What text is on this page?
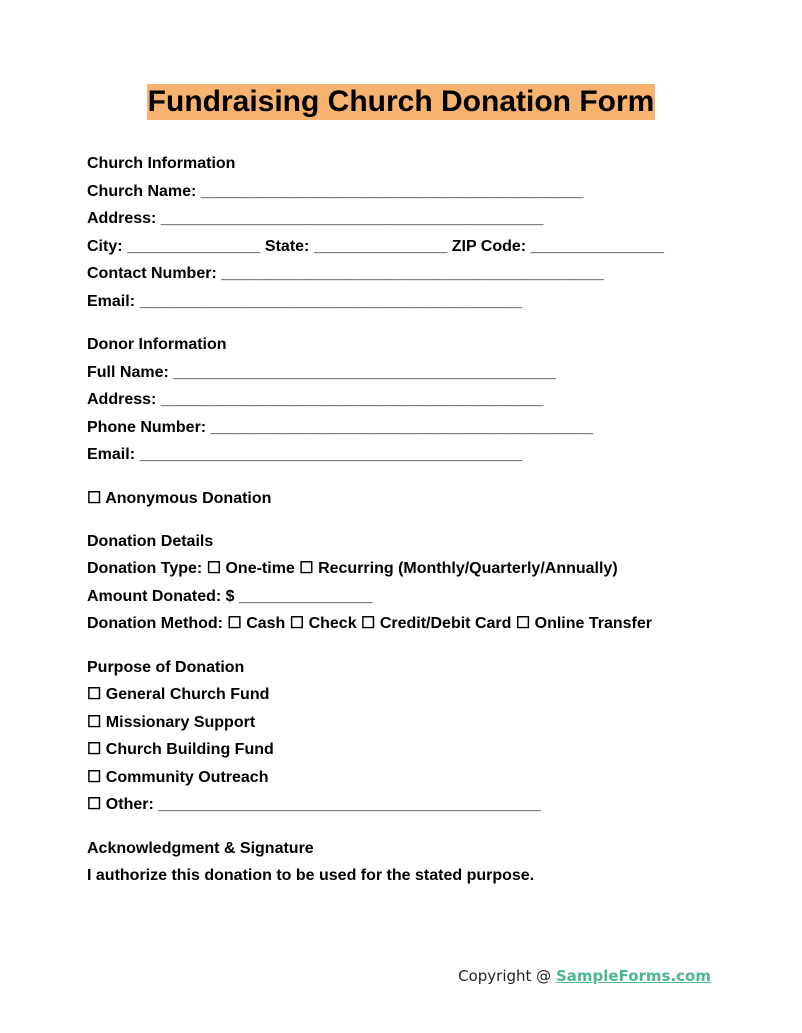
Fundraising Church Donation Form
Church Information
Church Name: ___________________________________________
Address: ___________________________________________
City: _______________ State: _______________ ZIP Code: _______________
Contact Number: ___________________________________________
Email: ___________________________________________
Donor Information
Full Name: ___________________________________________
Address: ___________________________________________
Phone Number: ___________________________________________
Email: ___________________________________________
☐ Anonymous Donation
Donation Details
Donation Type: ☐ One-time ☐ Recurring (Monthly/Quarterly/Annually)
Amount Donated: $ _______________
Donation Method: ☐ Cash ☐ Check ☐ Credit/Debit Card ☐ Online Transfer
Purpose of Donation
☐ General Church Fund
☐ Missionary Support
☐ Church Building Fund
☐ Community Outreach
☐ Other: ___________________________________________
Acknowledgment & Signature
I authorize this donation to be used for the stated purpose.
Copyright @ SampleForms.com
